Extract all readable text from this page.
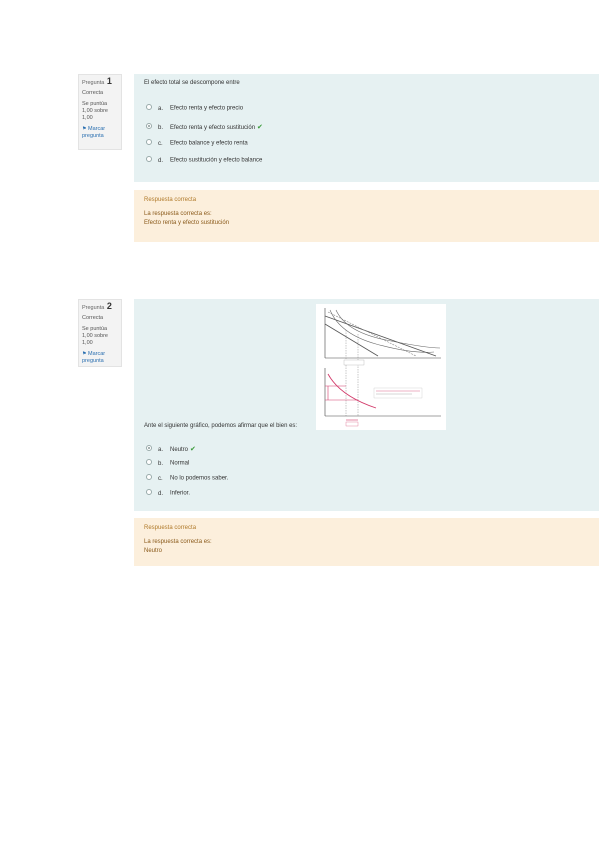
Pregunta 1
Correcta
Se puntúa 1,00 sobre 1,00
⚑ Marcar pregunta
El efecto total se descompone entre
a. Efecto renta y efecto precio
b. Efecto renta y efecto sustitución ✔
c. Efecto balance y efecto renta
d. Efecto sustitución y efecto balance
Respuesta correcta
La respuesta correcta es:
Efecto renta y efecto sustitución
Pregunta 2
Correcta
Se puntúa 1,00 sobre 1,00
⚑ Marcar pregunta
Ante el siguiente gráfico, podemos afirmar que el bien es:
a. Neutro ✔
b. Normal
c. No lo podemos saber.
d. Inferior.
Respuesta correcta
La respuesta correcta es:
Neutro
